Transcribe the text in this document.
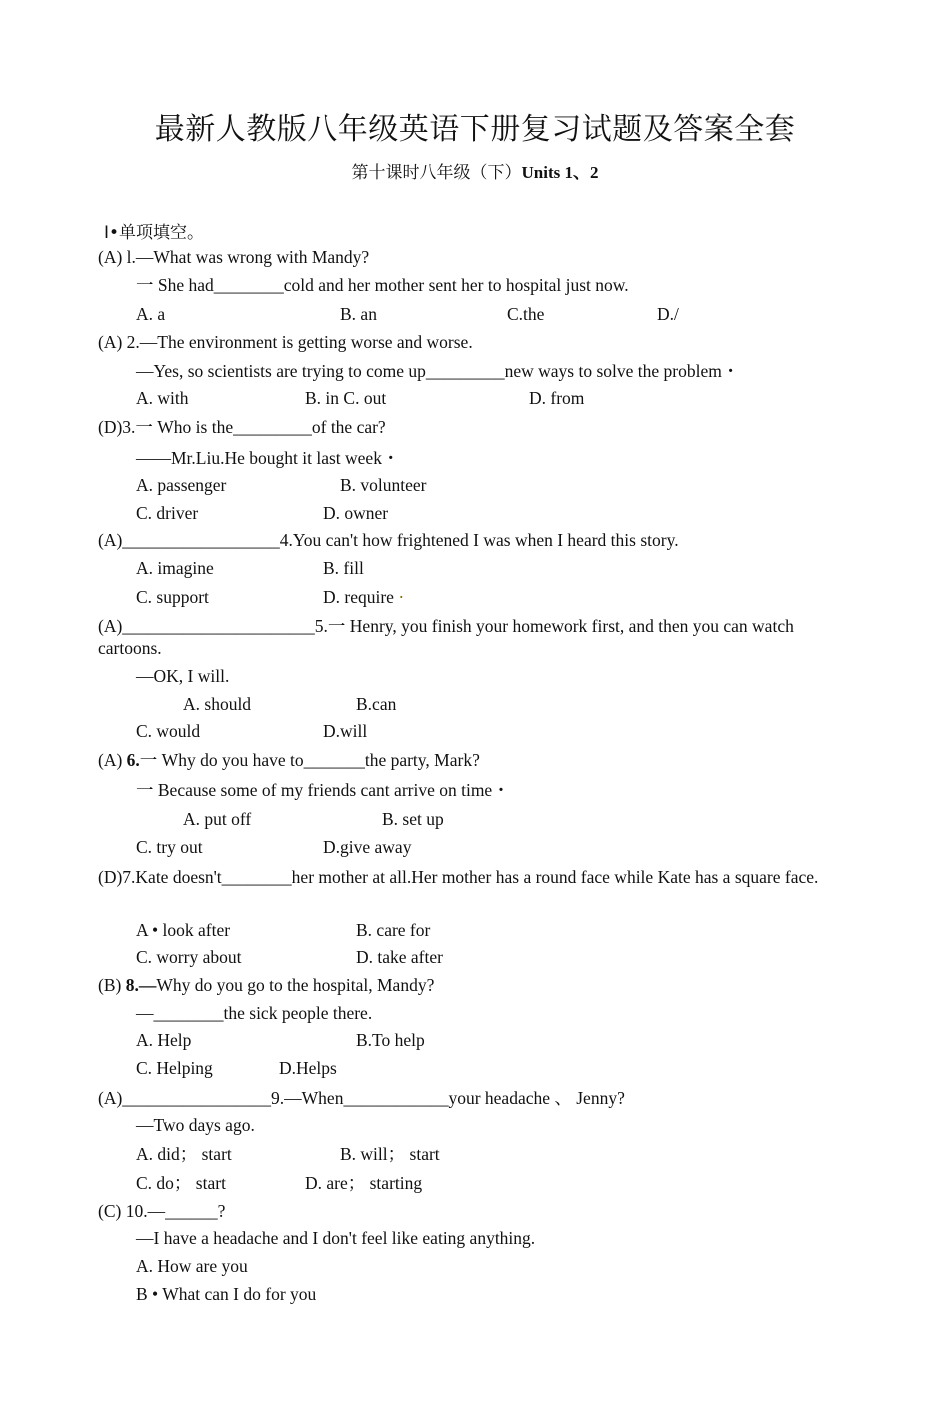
最新人教版八年级英语下册复习试题及答案全套
第十课时八年级（下）Units 1、2
Ⅰ•单项填空。
(A) l.—What was wrong with Mandy?
一 She had________cold and her mother sent her to hospital just now.
A. a	B. an	C.the	D./
(A) 2.—The environment is getting worse and worse.
—Yes, so scientists are trying to come up_________new ways to solve the problem・
A. with	B. in C. out	D. from
(D)3.一 Who is the_________of the car?
——Mr.Liu.He bought it last week・
A. passenger	B. volunteer
C. driver	D. owner
(A)__________________4.You can't how frightened I was when I heard this story.
A. imagine	B. fill
C. support	D. require ·
(A)______________________5.一 Henry, you finish your homework first, and then you can watch cartoons.
—OK, I will.
A. should	B.can
C. would	D.will
(A) 6.一 Why do you have to_______the party, Mark?
一 Because some of my friends cant arrive on time・
A. put off	B. set up
C. try out	D.give away
(D)7.Kate doesn't________her mother at all.Her mother has a round face while Kate has a square face.
A • look after	B. care for
C. worry about	D. take after
(B) 8.—Why do you go to the hospital, Mandy?
—________the sick people there.
A. Help	B.To help
C. Helping	D.Helps
(A)_________________9.—When____________your headache 、 Jenny?
—Two days ago.
A. did； start	B. will； start
C. do； start	D. are； starting
(C) 10.—______?
—I have a headache and I don't feel like eating anything.
A. How are you
B • What can I do for you
